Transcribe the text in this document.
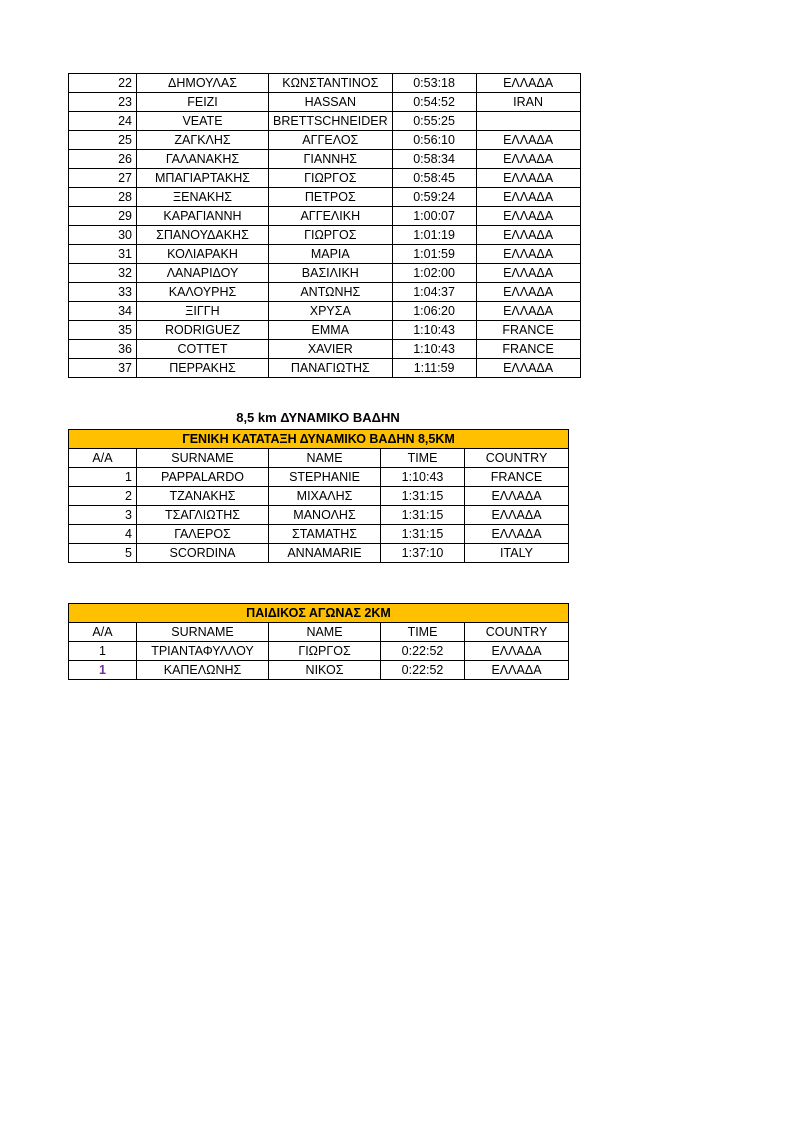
22	ΔΗΜΟΥΛΑΣ	ΚΩΝΣΤΑΝΤΙΝΟΣ	0:53:18	ΕΛΛΑΔΑ
23	FEIZI	HASSAN	0:54:52	IRAN
24	VEATE	BRETTSCHNEIDER	0:55:25	
25	ΖΑΓΚΛΗΣ	ΑΓΓΕΛΟΣ	0:56:10	ΕΛΛΑΔΑ
26	ΓΑΛΑΝΑΚΗΣ	ΓΙΑΝΝΗΣ	0:58:34	ΕΛΛΑΔΑ
27	ΜΠΑΓΙΑΡΤΑΚΗΣ	ΓΙΩΡΓΟΣ	0:58:45	ΕΛΛΑΔΑ
28	ΞΕΝΑΚΗΣ	ΠΕΤΡΟΣ	0:59:24	ΕΛΛΑΔΑ
29	ΚΑΡΑΓΙΑΝΝΗ	ΑΓΓΕΛΙΚΗ	1:00:07	ΕΛΛΑΔΑ
30	ΣΠΑΝΟΥΔΑΚΗΣ	ΓΙΩΡΓΟΣ	1:01:19	ΕΛΛΑΔΑ
31	ΚΟΛΙΑΡΑΚΗ	ΜΑΡΙΑ	1:01:59	ΕΛΛΑΔΑ
32	ΛΑΝΑΡΙΔΟΥ	ΒΑΣΙΛΙΚΗ	1:02:00	ΕΛΛΑΔΑ
33	ΚΑΛΟΥΡΗΣ	ΑΝΤΩΝΗΣ	1:04:37	ΕΛΛΑΔΑ
34	ΞΙΓΓΗ	ΧΡΥΣΑ	1:06:20	ΕΛΛΑΔΑ
35	RODRIGUEZ	EMMA	1:10:43	FRANCE
36	COTTET	XAVIER	1:10:43	FRANCE
37	ΠΕΡΡΑΚΗΣ	ΠΑΝΑΓΙΩΤΗΣ	1:11:59	ΕΛΛΑΔΑ
8,5 km ΔΥΝΑΜΙΚΟ ΒΑΔΗΝ
ΓΕΝΙΚΗ ΚΑΤΑΤΑΞΗ ΔΥΝΑΜΙΚΟ ΒΑΔΗΝ 8,5ΚΜ				
Α/Α	SURNAME	NAME	TIME	COUNTRY
1	PAPPALARDO	STEPHANIE	1:10:43	FRANCE
2	ΤΖΑΝΑΚΗΣ	ΜΙΧΑΛΗΣ	1:31:15	ΕΛΛΑΔΑ
3	ΤΣΑΓΛΙΩΤΗΣ	ΜΑΝΟΛΗΣ	1:31:15	ΕΛΛΑΔΑ
4	ΓΑΛΕΡΟΣ	ΣΤΑΜΑΤΗΣ	1:31:15	ΕΛΛΑΔΑ
5	SCORDINA	ANNAMARIE	1:37:10	ITALY
ΠΑΙΔΙΚΟΣ ΑΓΩΝΑΣ 2ΚΜ				
Α/Α	SURNAME	NAME	TIME	COUNTRY
1	ΤΡΙΑΝΤΑΦΥΛΛΟΥ	ΓΙΩΡΓΟΣ	0:22:52	ΕΛΛΑΔΑ
1	ΚΑΠΕΛΩΝΗΣ	ΝΙΚΟΣ	0:22:52	ΕΛΛΑΔΑ
